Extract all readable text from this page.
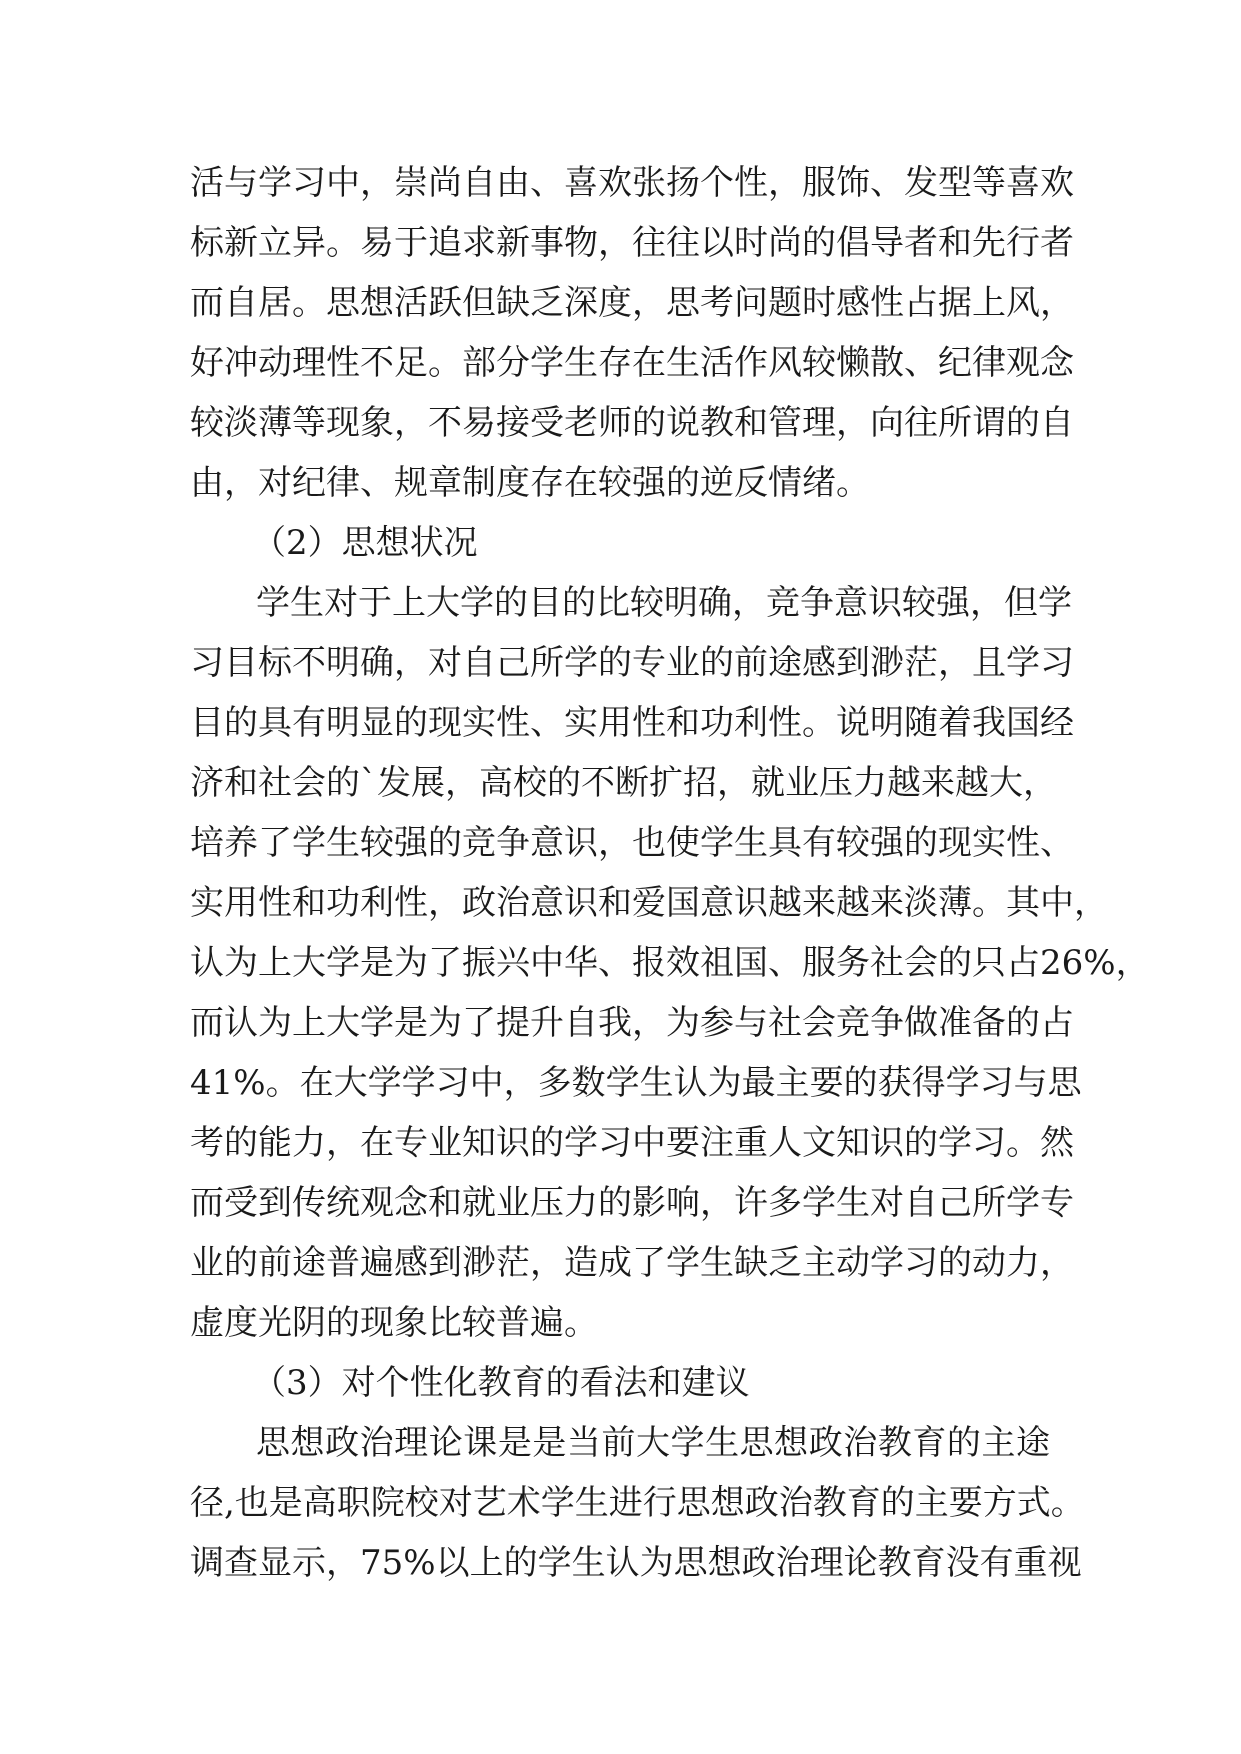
活与学习中，崇尚自由、喜欢张扬个性，服饰、发型等喜欢
标新立异。易于追求新事物，往往以时尚的倡导者和先行者
而自居。思想活跃但缺乏深度，思考问题时感性占据上风，
好冲动理性不足。部分学生存在生活作风较懒散、纪律观念
较淡薄等现象，不易接受老师的说教和管理，向往所谓的自
由，对纪律、规章制度存在较强的逆反情绪。
（2）思想状况
学生对于上大学的目的比较明确，竞争意识较强，但学
习目标不明确，对自己所学的专业的前途感到渺茫，且学习
目的具有明显的现实性、实用性和功利性。说明随着我国经
济和社会的`发展，高校的不断扩招，就业压力越来越大，
培养了学生较强的竞争意识，也使学生具有较强的现实性、
实用性和功利性，政治意识和爱国意识越来越来淡薄。其中，
认为上大学是为了振兴中华、报效祖国、服务社会的只占26%，
而认为上大学是为了提升自我，为参与社会竞争做准备的占
41%。在大学学习中，多数学生认为最主要的获得学习与思
考的能力，在专业知识的学习中要注重人文知识的学习。然
而受到传统观念和就业压力的影响，许多学生对自己所学专
业的前途普遍感到渺茫，造成了学生缺乏主动学习的动力，
虚度光阴的现象比较普遍。
（3）对个性化教育的看法和建议
思想政治理论课是是当前大学生思想政治教育的主途
径,也是高职院校对艺术学生进行思想政治教育的主要方式。
调查显示，75%以上的学生认为思想政治理论教育没有重视
